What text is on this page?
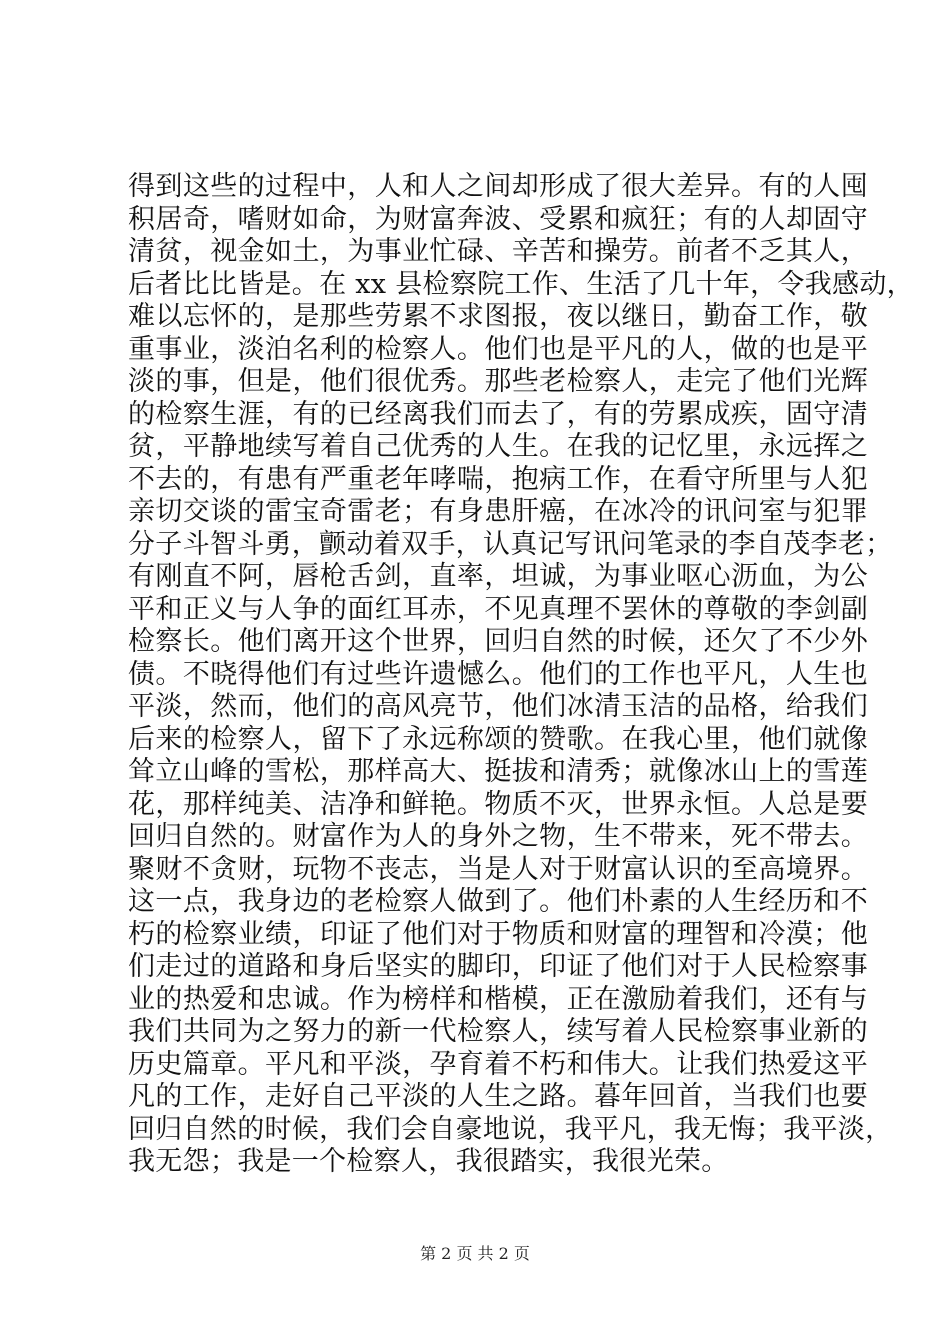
得到这些的过程中，人和人之间却形成了很大差异。有的人囤
积居奇，嗜财如命，为财富奔波、受累和疯狂；有的人却固守
清贫，视金如土，为事业忙碌、辛苦和操劳。前者不乏其人，
后者比比皆是。在 xx 县检察院工作、生活了几十年，令我感动，
难以忘怀的，是那些劳累不求图报，夜以继日，勤奋工作，敬
重事业，淡泊名利的检察人。他们也是平凡的人，做的也是平
淡的事，但是，他们很优秀。那些老检察人，走完了他们光辉
的检察生涯，有的已经离我们而去了，有的劳累成疾，固守清
贫，平静地续写着自己优秀的人生。在我的记忆里，永远挥之
不去的，有患有严重老年哮喘，抱病工作，在看守所里与人犯
亲切交谈的雷宝奇雷老；有身患肝癌，在冰冷的讯问室与犯罪
分子斗智斗勇，颤动着双手，认真记写讯问笔录的李自茂李老；
有刚直不阿，唇枪舌剑，直率，坦诚，为事业呕心沥血，为公
平和正义与人争的面红耳赤，不见真理不罢休的尊敬的李剑副
检察长。他们离开这个世界，回归自然的时候，还欠了不少外
债。不晓得他们有过些许遗憾么。他们的工作也平凡，人生也
平淡，然而，他们的高风亮节，他们冰清玉洁的品格，给我们
后来的检察人，留下了永远称颂的赞歌。在我心里，他们就像
耸立山峰的雪松，那样高大、挺拔和清秀；就像冰山上的雪莲
花，那样纯美、洁净和鲜艳。物质不灭，世界永恒。人总是要
回归自然的。财富作为人的身外之物，生不带来，死不带去。
聚财不贪财，玩物不丧志，当是人对于财富认识的至高境界。
这一点，我身边的老检察人做到了。他们朴素的人生经历和不
朽的检察业绩，印证了他们对于物质和财富的理智和冷漠；他
们走过的道路和身后坚实的脚印，印证了他们对于人民检察事
业的热爱和忠诚。作为榜样和楷模，正在激励着我们，还有与
我们共同为之努力的新一代检察人，续写着人民检察事业新的
历史篇章。平凡和平淡，孕育着不朽和伟大。让我们热爱这平
凡的工作，走好自己平淡的人生之路。暮年回首，当我们也要
回归自然的时候，我们会自豪地说，我平凡，我无悔；我平淡，
我无怨；我是一个检察人，我很踏实，我很光荣。
第 2 页 共 2 页
